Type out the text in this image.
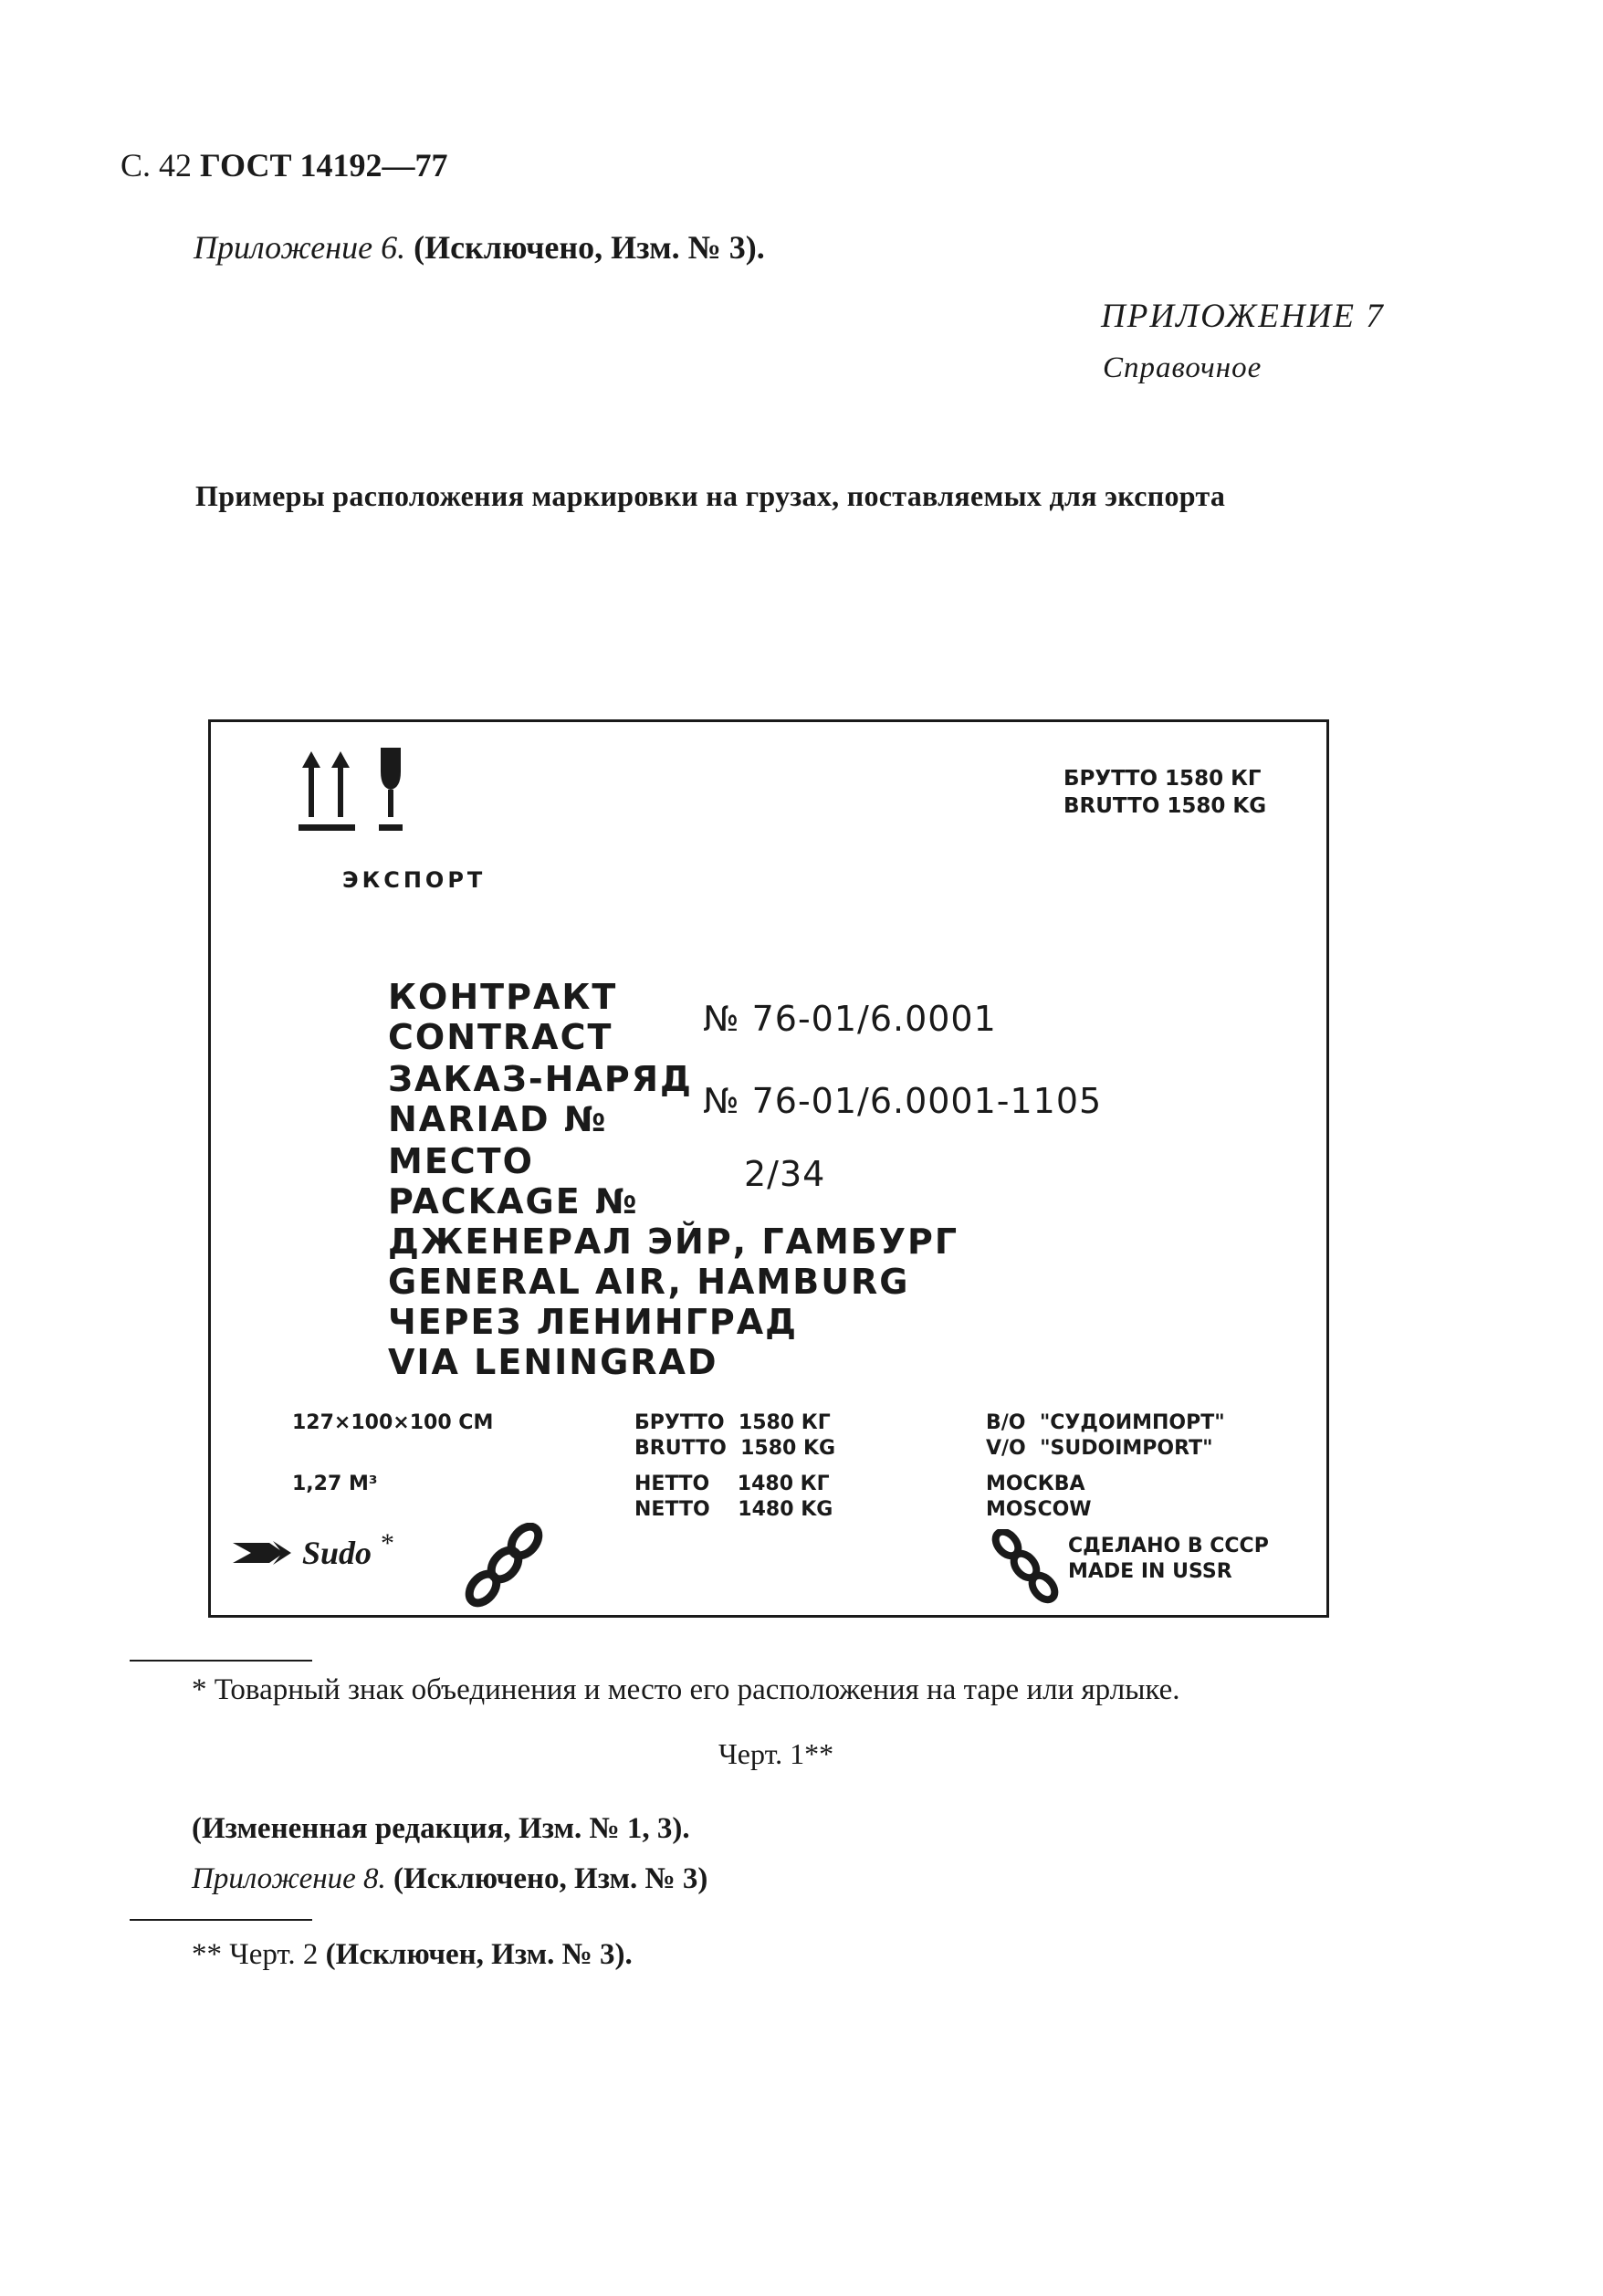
С. 42 ГОСТ 14192—77
Приложение 6. (Исключено, Изм. № 3).
ПРИЛОЖЕНИЕ 7
Справочное
Примеры расположения маркировки на грузах, поставляемых для экспорта
БРУТТО 1580 КГ
BRUTTO 1580 KG
ЭКСПОРТ
КОНТРАКТ
CONTRACT
ЗАКАЗ-НАРЯД
NARIAD №
МЕСТО
PACKAGE №
ДЖЕНЕРАЛ ЭЙР, ГАМБУРГ
GENERAL AIR, HAMBURG
ЧЕРЕЗ ЛЕНИНГРАД
VIA LENINGRAD
№ 76-01/6.0001
№ 76-01/6.0001-1105
2/34
127×100×100 СМ
1,27 М³
БРУТТО  1580 КГ
BRUTTO  1580 KG
НЕТТО    1480 КГ
NETTO    1480 KG
В/О  "СУДОИМПОРТ"
V/O  "SUDOIMPORT"
МОСКВА
MOSCOW
Sudo *	СДЕЛАНО В СССР
MADE IN USSR
* Товарный знак объединения и место его расположения на таре или ярлыке.
Черт. 1**
(Измененная редакция, Изм. № 1, 3).
Приложение 8. (Исключено, Изм. № 3)
** Черт. 2 (Исключен, Изм. № 3).
